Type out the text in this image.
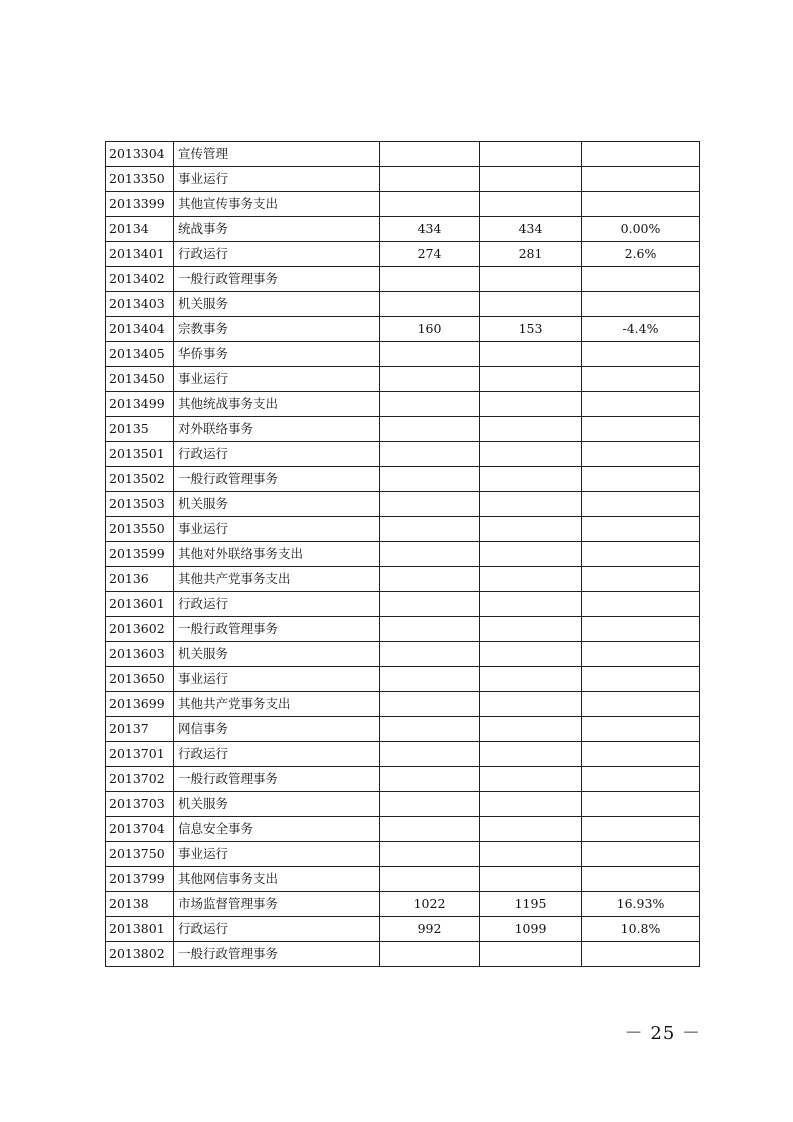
2013304	宣传管理			
2013350	事业运行			
2013399	其他宣传事务支出			
20134	统战事务	434	434	0.00%
2013401	行政运行	274	281	2.6%
2013402	一般行政管理事务			
2013403	机关服务			
2013404	宗教事务	160	153	-4.4%
2013405	华侨事务			
2013450	事业运行			
2013499	其他统战事务支出			
20135	对外联络事务			
2013501	行政运行			
2013502	一般行政管理事务			
2013503	机关服务			
2013550	事业运行			
2013599	其他对外联络事务支出			
20136	其他共产党事务支出			
2013601	行政运行			
2013602	一般行政管理事务			
2013603	机关服务			
2013650	事业运行			
2013699	其他共产党事务支出			
20137	网信事务			
2013701	行政运行			
2013702	一般行政管理事务			
2013703	机关服务			
2013704	信息安全事务			
2013750	事业运行			
2013799	其他网信事务支出			
20138	市场监督管理事务	1022	1195	16.93%
2013801	行政运行	992	1099	10.8%
2013802	一般行政管理事务			
－ 25 －
